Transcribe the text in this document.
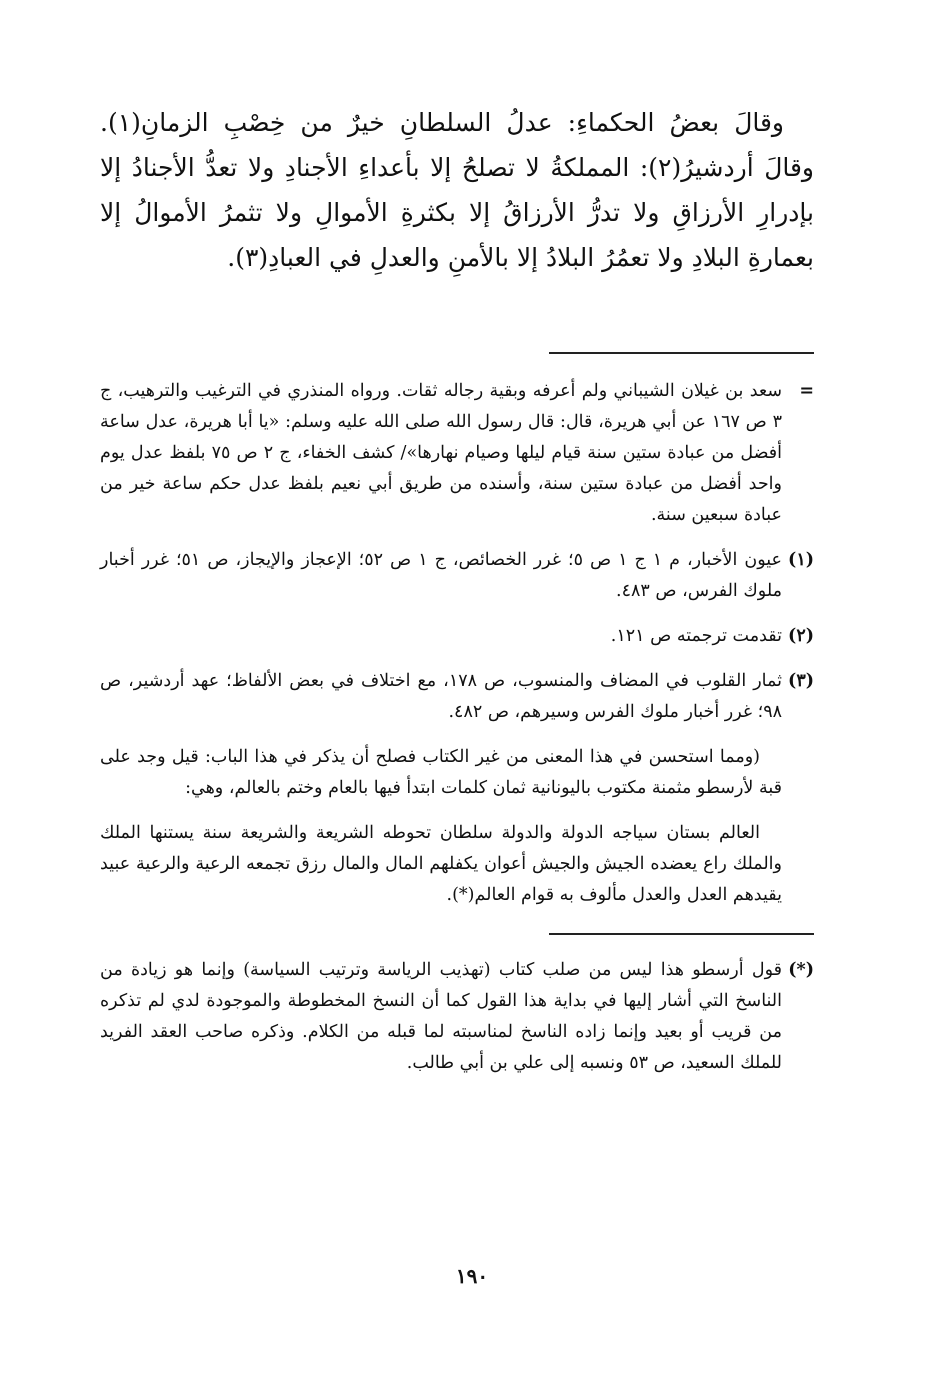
وقالَ بعضُ الحكماءِ: عدلُ السلطانِ خيرٌ من خِصْبِ الزمانِ(١). وقالَ أردشيرُ(٢): المملكةُ لا تصلحُ إلا بأعداءِ الأجنادِ ولا تعدُّ الأجنادُ إلا بإدرارِ الأرزاقِ ولا تدرُّ الأرزاقُ إلا بكثرةِ الأموالِ ولا تثمرُ الأموالُ إلا بعمارةِ البلادِ ولا تعمُرُ البلادُ إلا بالأمنِ والعدلِ في العبادِ(٣).

=
سعد بن غيلان الشيباني ولم أعرفه وبقية رجاله ثقات. ورواه المنذري في الترغيب والترهيب، ج ٣ ص ١٦٧ عن أبي هريرة، قال: قال رسول الله صلى الله عليه وسلم: «يا أبا هريرة، عدل ساعة أفضل من عبادة ستين سنة قيام ليلها وصيام نهارها»/ كشف الخفاء، ج ٢ ص ٧٥ بلفظ عدل يوم واحد أفضل من عبادة ستين سنة، وأسنده من طريق أبي نعيم بلفظ عدل حكم ساعة خير من عبادة سبعين سنة.
(١)
عيون الأخبار، م ١ ج ١ ص ٥؛ غرر الخصائص، ج ١ ص ٥٢؛ الإعجاز والإيجاز، ص ٥١؛ غرر أخبار ملوك الفرس، ص ٤٨٣.
(٢)
تقدمت ترجمته ص ١٢١.
(٣)
ثمار القلوب في المضاف والمنسوب، ص ١٧٨، مع اختلاف في بعض الألفاظ؛ عهد أردشير، ص ٩٨؛ غرر أخبار ملوك الفرس وسيرهم، ص ٤٨٢.
(ومما استحسن في هذا المعنى من غير الكتاب فصلح أن يذكر في هذا الباب: قيل وجد على قبة لأرسطو مثمنة مكتوب باليونانية ثمان كلمات ابتدأ فيها بالعام وختم بالعالم، وهي:
العالم بستان سياجه الدولة والدولة سلطان تحوطه الشريعة والشريعة سنة يستنها الملك والملك راع يعضده الجيش والجيش أعوان يكفلهم المال والمال رزق تجمعه الرعية والرعية عبيد يقيدهم العدل والعدل مألوف به قوام العالم(*).
(*)
قول أرسطو هذا ليس من صلب كتاب (تهذيب الرياسة وترتيب السياسة) وإنما هو زيادة من الناسخ التي أشار إليها في بداية هذا القول كما أن النسخ المخطوطة والموجودة لدي لم تذكره من قريب أو بعيد وإنما زاده الناسخ لمناسبته لما قبله من الكلام. وذكره صاحب العقد الفريد للملك السعيد، ص ٥٣ ونسبه إلى علي بن أبي طالب.
١٩٠
